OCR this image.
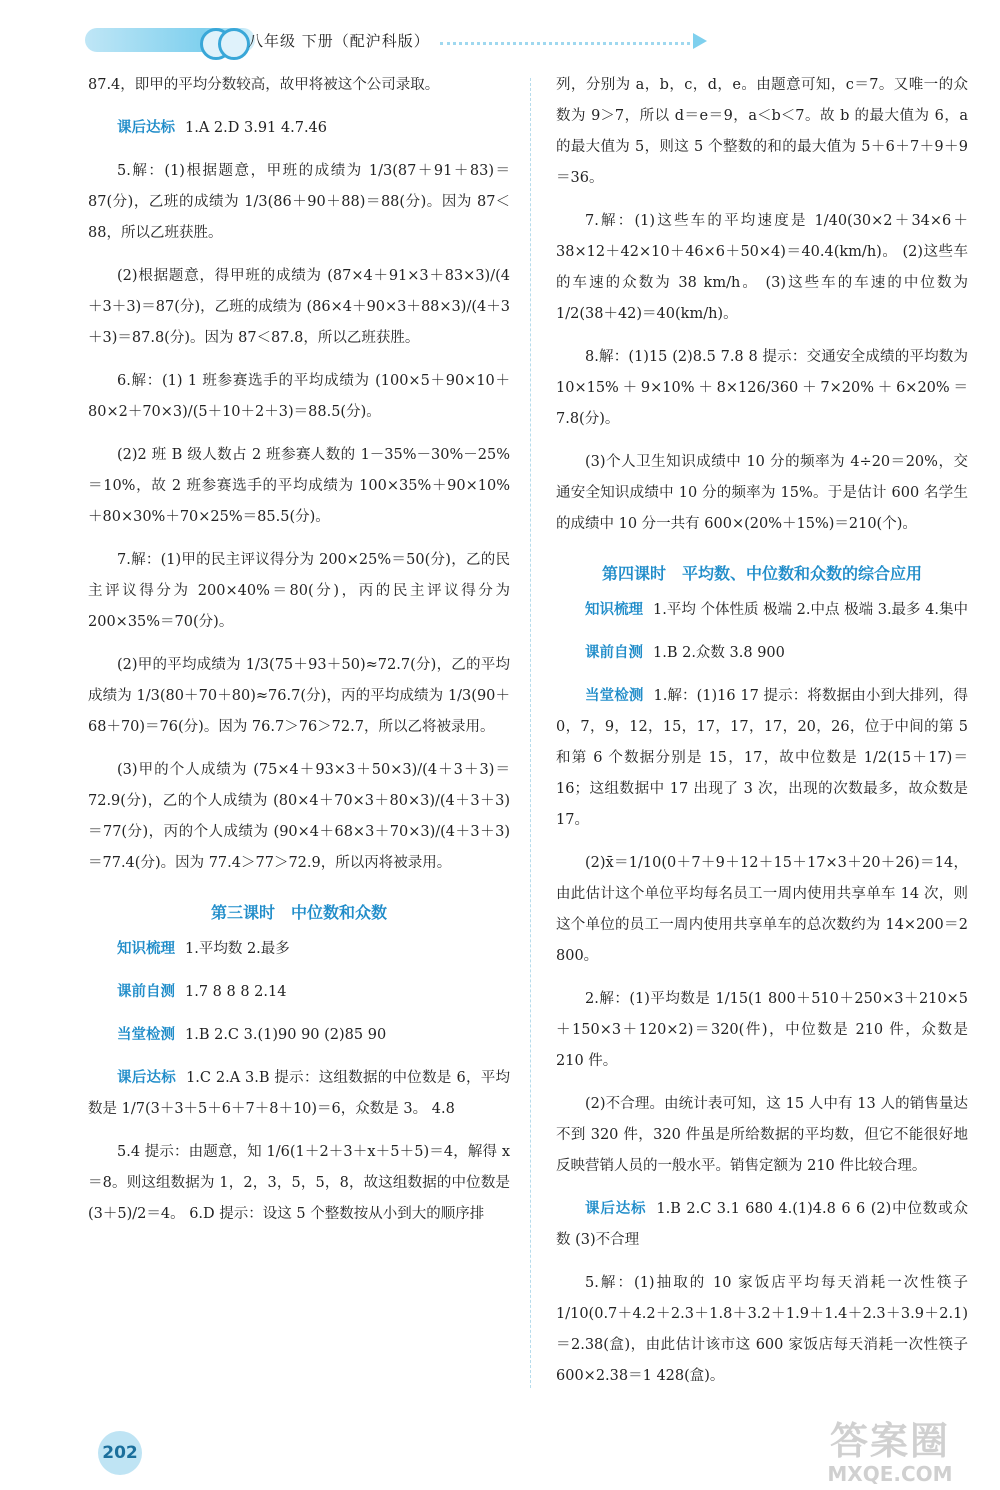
八年级 下册（配沪科版）

87.4，即甲的平均分数较高，故甲将被这个公司录取。

课后达标 1.A 2.D 3.91 4.7.46

5.解：(1)根据题意，甲班的成绩为 1/3(87＋91＋83)＝87(分)，乙班的成绩为 1/3(86＋90＋88)＝88(分)。因为 87＜88，所以乙班获胜。

(2)根据题意，得甲班的成绩为 (87×4＋91×3＋83×3)/(4＋3＋3)＝87(分)，乙班的成绩为 (86×4＋90×3＋88×3)/(4＋3＋3)＝87.8(分)。因为 87＜87.8，所以乙班获胜。

6.解：(1) 1 班参赛选手的平均成绩为 (100×5＋90×10＋80×2＋70×3)/(5＋10＋2＋3)＝88.5(分)。

(2)2 班 B 级人数占 2 班参赛人数的 1－35%－30%－25%＝10%，故 2 班参赛选手的平均成绩为 100×35%＋90×10%＋80×30%＋70×25%＝85.5(分)。

7.解：(1)甲的民主评议得分为 200×25%＝50(分)，乙的民主评议得分为 200×40%＝80(分)，丙的民主评议得分为200×35%＝70(分)。

(2)甲的平均成绩为 1/3(75＋93＋50)≈72.7(分)，乙的平均成绩为 1/3(80＋70＋80)≈76.7(分)，丙的平均成绩为 1/3(90＋68＋70)＝76(分)。因为 76.7＞76＞72.7，所以乙将被录用。

(3)甲的个人成绩为 (75×4＋93×3＋50×3)/(4＋3＋3)＝72.9(分)，乙的个人成绩为 (80×4＋70×3＋80×3)/(4＋3＋3)＝77(分)，丙的个人成绩为 (90×4＋68×3＋70×3)/(4＋3＋3)＝77.4(分)。因为 77.4＞77＞72.9，所以丙将被录用。

第三课时　中位数和众数

知识梳理 1.平均数 2.最多

课前自测 1.7 8 8 8 2.14

当堂检测 1.B 2.C 3.(1)90 90 (2)85 90

课后达标 1.C 2.A 3.B 提示：这组数据的中位数是 6，平均数是 1/7(3＋3＋5＋6＋7＋8＋10)＝6，众数是 3。 4.8

5.4 提示：由题意，知 1/6(1＋2＋3＋x＋5＋5)＝4，解得 x＝8。则这组数据为 1，2，3，5，5，8，故这组数据的中位数是 (3＋5)/2＝4。 6.D 提示：设这 5 个整数按从小到大的顺序排

列，分别为 a，b，c，d，e。由题意可知，c＝7。又唯一的众数为 9＞7，所以 d＝e＝9，a＜b＜7。故 b 的最大值为 6，a 的最大值为 5，则这 5 个整数的和的最大值为 5＋6＋7＋9＋9＝36。

7.解：(1)这些车的平均速度是 1/40(30×2＋34×6＋38×12＋42×10＋46×6＋50×4)＝40.4(km/h)。 (2)这些车的车速的众数为 38 km/h。 (3)这些车的车速的中位数为 1/2(38＋42)＝40(km/h)。

8.解：(1)15 (2)8.5 7.8 8 提示：交通安全成绩的平均数为 10×15%＋9×10%＋8×126/360＋7×20%＋6×20%＝7.8(分)。

(3)个人卫生知识成绩中 10 分的频率为 4÷20＝20%，交通安全知识成绩中 10 分的频率为 15%。于是估计 600 名学生的成绩中 10 分一共有 600×(20%＋15%)＝210(个)。

第四课时　平均数、中位数和众数的综合应用

知识梳理 1.平均 个体性质 极端 2.中点 极端 3.最多 4.集中

课前自测 1.B 2.众数 3.8 900

当堂检测 1.解：(1)16 17 提示：将数据由小到大排列，得 0，7，9，12，15，17，17，17，20，26，位于中间的第 5 和第 6 个数据分别是 15，17，故中位数是 1/2(15＋17)＝16；这组数据中 17 出现了 3 次，出现的次数最多，故众数是 17。

(2)x̄＝1/10(0＋7＋9＋12＋15＋17×3＋20＋26)＝14，由此估计这个单位平均每名员工一周内使用共享单车 14 次，则这个单位的员工一周内使用共享单车的总次数约为 14×200＝2 800。

2.解：(1)平均数是 1/15(1 800＋510＋250×3＋210×5＋150×3＋120×2)＝320(件)，中位数是 210 件，众数是 210 件。

(2)不合理。由统计表可知，这 15 人中有 13 人的销售量达不到 320 件，320 件虽是所给数据的平均数，但它不能很好地反映营销人员的一般水平。销售定额为 210 件比较合理。

课后达标 1.B 2.C 3.1 680 4.(1)4.8 6 6 (2)中位数或众数 (3)不合理

5.解：(1)抽取的 10 家饭店平均每天消耗一次性筷子 1/10(0.7＋4.2＋2.3＋1.8＋3.2＋1.9＋1.4＋2.3＋3.9＋2.1)＝2.38(盒)，由此估计该市这 600 家饭店每天消耗一次性筷子 600×2.38＝1 428(盒)。

202	答案圈
MXQE.COM
